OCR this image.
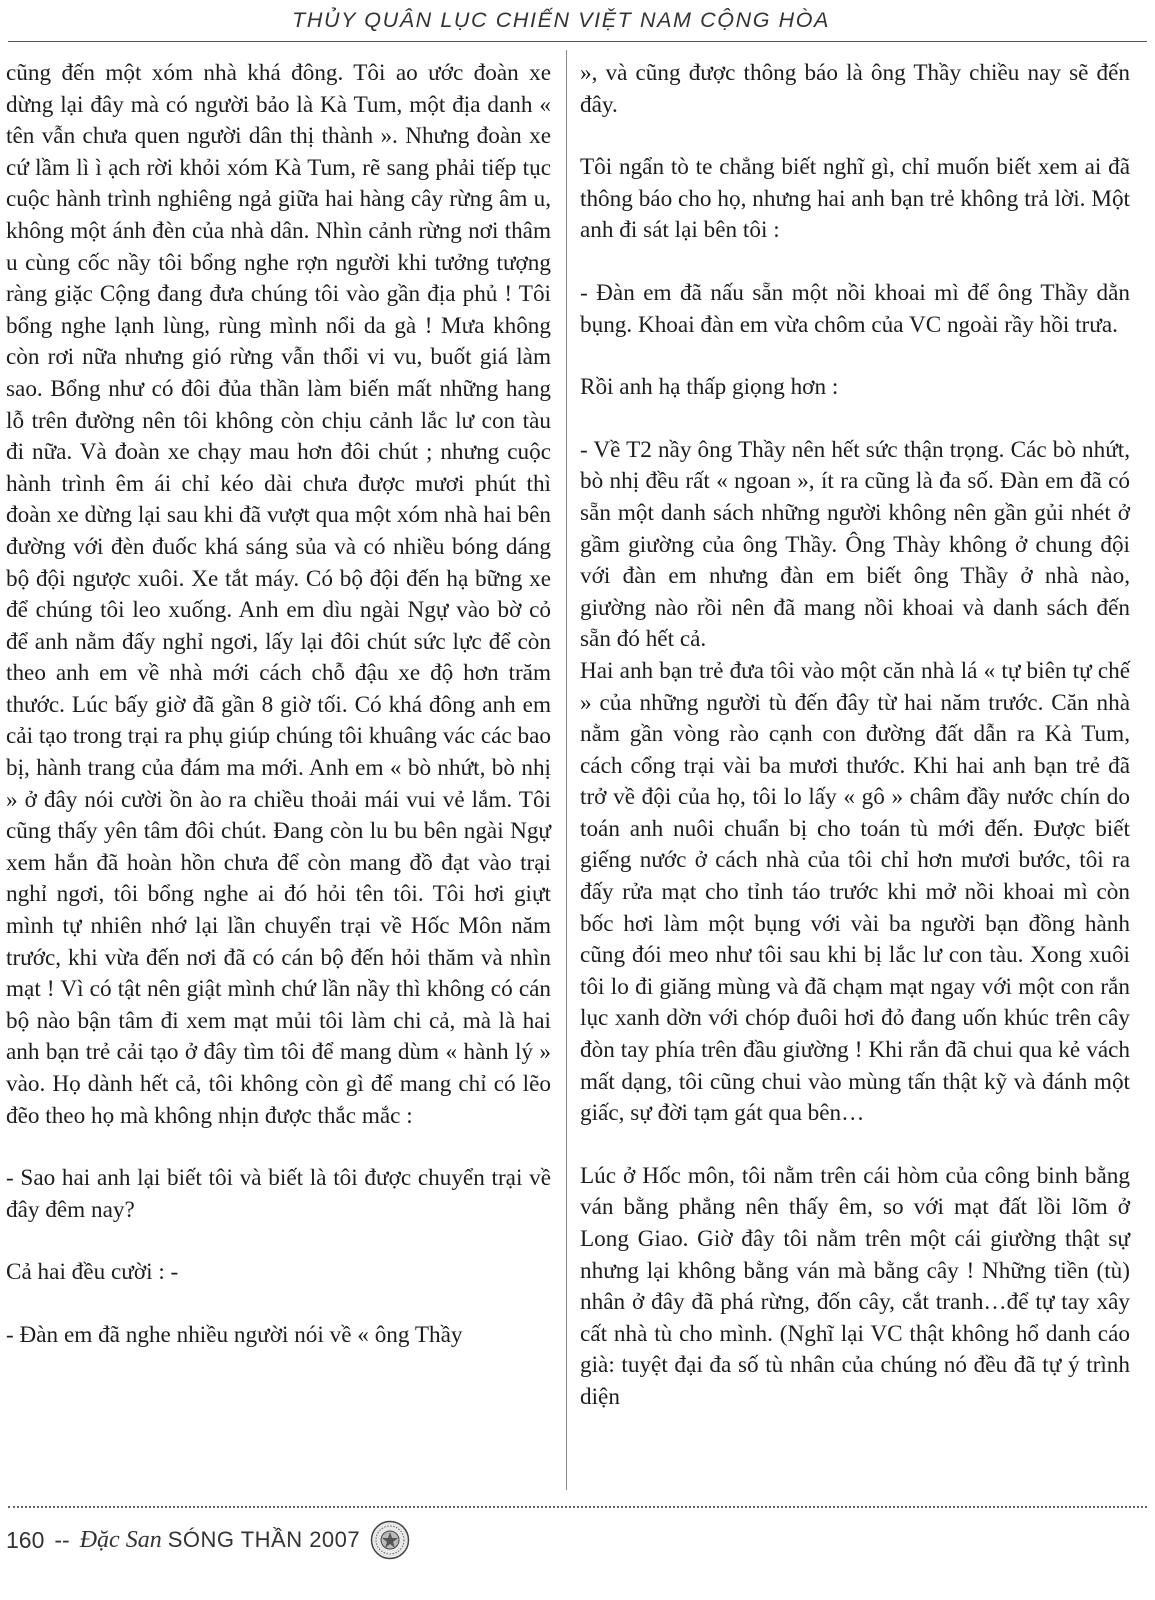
THỦY QUÂN LỤC CHIẾN VIỆT NAM CỘNG HÒA

cũng đến một xóm nhà khá đông. Tôi ao ước đoàn xe dừng lại đây mà có người bảo là Kà Tum, một địa danh « tên vẫn chưa quen người dân thị thành ». Nhưng đoàn xe cứ lầm lì ì ạch rời khỏi xóm Kà Tum, rẽ sang phải tiếp tục cuộc hành trình nghiêng ngả giữa hai hàng cây rừng âm u, không một ánh đèn của nhà dân. Nhìn cảnh rừng nơi thâm u cùng cốc nầy tôi bổng nghe rợn người khi tưởng tượng ràng giặc Cộng đang đưa chúng tôi vào gần địa phủ ! Tôi bổng nghe lạnh lùng, rùng mình nổi da gà ! Mưa không còn rơi nữa nhưng gió rừng vẫn thổi vi vu, buốt giá làm sao. Bổng như có đôi đủa thần làm biến mất những hang lỗ trên đường nên tôi không còn chịu cảnh lắc lư con tàu đi nữa. Và đoàn xe chạy mau hơn đôi chút ; nhưng cuộc hành trình êm ái chỉ kéo dài chưa được mươi phút thì đoàn xe dừng lại sau khi đã vượt qua một xóm nhà hai bên đường với đèn đuốc khá sáng sủa và có nhiều bóng dáng bộ đội ngược xuôi. Xe tắt máy. Có bộ đội đến hạ bững xe để chúng tôi leo xuống. Anh em dìu ngài Ngự vào bờ cỏ để anh nằm đấy nghỉ ngơi, lấy lại đôi chút sức lực để còn theo anh em về nhà mới cách chỗ đậu xe độ hơn trăm thước. Lúc bấy giờ đã gần 8 giờ tối. Có khá đông anh em cải tạo trong trại ra phụ giúp chúng tôi khuâng vác các bao bị, hành trang của đám ma mới. Anh em « bò nhứt, bò nhị » ở đây nói cười ồn ào ra chiều thoải mái vui vẻ lắm. Tôi cũng thấy yên tâm đôi chút. Đang còn lu bu bên ngài Ngự xem hắn đã hoàn hồn chưa để còn mang đồ đạt vào trại nghỉ ngơi, tôi bổng nghe ai đó hỏi tên tôi. Tôi hơi giựt mình tự nhiên nhớ lại lần chuyển trại về Hốc Môn năm trước, khi vừa đến nơi đã có cán bộ đến hỏi thăm và nhìn mạt ! Vì có tật nên giật mình chứ lần nầy thì không có cán bộ nào bận tâm đi xem mạt mủi tôi làm chi cả, mà là hai anh bạn trẻ cải tạo ở đây tìm tôi để mang dùm « hành lý » vào. Họ dành hết cả, tôi không còn gì để mang chỉ có lẽo đẽo theo họ mà không nhịn được thắc mắc :

- Sao hai anh lại biết tôi và biết là tôi được chuyển trại về đây đêm nay?

Cả hai đều cười : -

- Đàn em đã nghe nhiều người nói về « ông Thầy

», và cũng được thông báo là ông Thầy chiều nay sẽ đến đây.

Tôi ngẩn tò te chẳng biết nghĩ gì, chỉ muốn biết xem ai đã thông báo cho họ, nhưng hai anh bạn trẻ không trả lời. Một anh đi sát lại bên tôi :

- Đàn em đã nấu sẵn một nồi khoai mì để ông Thầy dằn bụng. Khoai đàn em vừa chôm của VC ngoài rầy hồi trưa.

Rồi anh hạ thấp giọng hơn :

- Về T2 nầy ông Thầy nên hết sức thận trọng. Các bò nhứt, bò nhị đều rất « ngoan », ít ra cũng là đa số. Đàn em đã có sẵn một danh sách những người không nên gần gủi nhét ở gầm giường của ông Thầy. Ông Thày không ở chung đội với đàn em nhưng đàn em biết ông Thầy ở nhà nào, giường nào rồi nên đã mang nồi khoai và danh sách đến sẵn đó hết cả.

Hai anh bạn trẻ đưa tôi vào một căn nhà lá « tự biên tự chế » của những người tù đến đây từ hai năm trước. Căn nhà nằm gần vòng rào cạnh con đường đất dẫn ra Kà Tum, cách cổng trại vài ba mươi thước. Khi hai anh bạn trẻ đã trở về đội của họ, tôi lo lấy « gô » châm đầy nước chín do toán anh nuôi chuẩn bị cho toán tù mới đến. Được biết giếng nước ở cách nhà của tôi chỉ hơn mươi bước, tôi ra đấy rửa mạt cho tỉnh táo trước khi mở nồi khoai mì còn bốc hơi làm một bụng với vài ba người bạn đồng hành cũng đói meo như tôi sau khi bị lắc lư con tàu. Xong xuôi tôi lo đi giăng mùng và đã chạm mạt ngay với một con rắn lục xanh dờn với chóp đuôi hơi đỏ đang uốn khúc trên cây đòn tay phía trên đầu giường ! Khi rắn đã chui qua kẻ vách mất dạng, tôi cũng chui vào mùng tấn thật kỹ và đánh một giấc, sự đời tạm gát qua bên…

Lúc ở Hốc môn, tôi nằm trên cái hòm của công binh bằng ván bằng phẳng nên thấy êm, so với mạt đất lồi lõm ở Long Giao. Giờ đây tôi nằm trên một cái giường thật sự nhưng lại không bằng ván mà bằng cây ! Những tiền (tù) nhân ở đây đã phá rừng, đốn cây, cắt tranh…để tự tay xây cất nhà tù cho mình. (Nghĩ lại VC thật không hổ danh cáo già: tuyệt đại đa số tù nhân của chúng nó đều đã tự ý trình diện

160 -- Đặc San SÓNG THẦN 2007
